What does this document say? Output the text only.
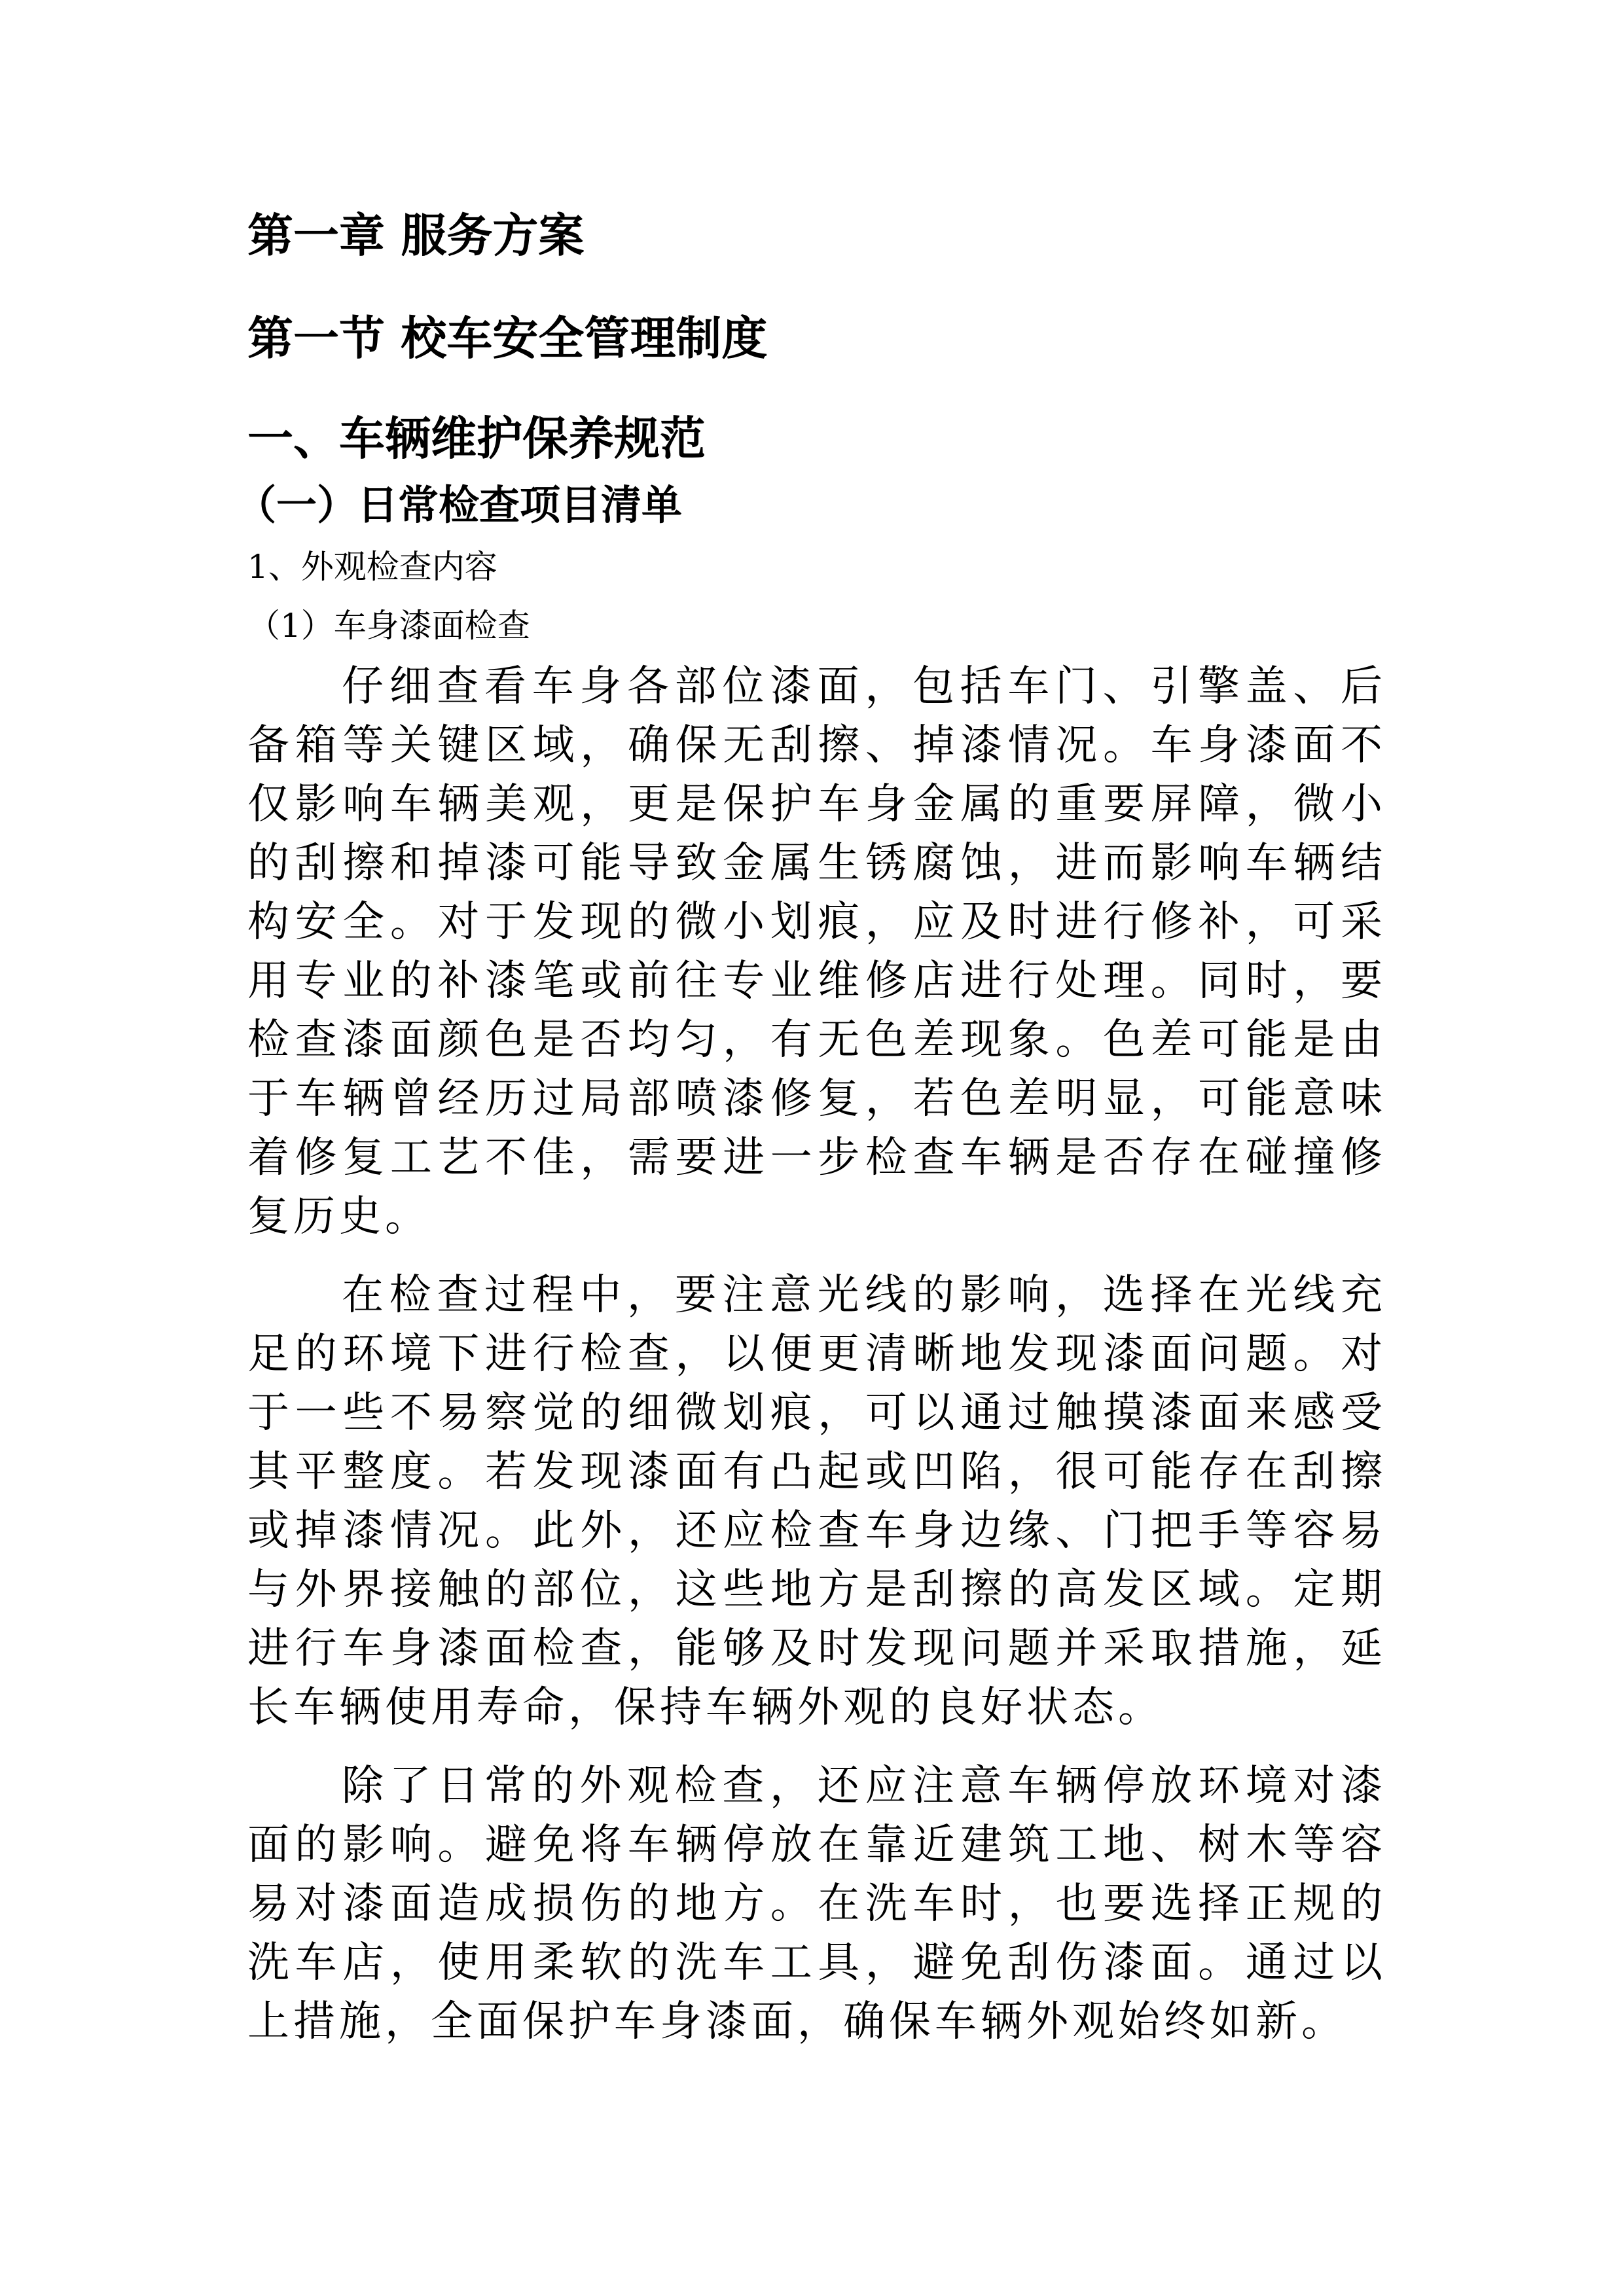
第一章 服务方案
第一节 校车安全管理制度
一、车辆维护保养规范
（一）日常检查项目清单
1、外观检查内容
（1）车身漆面检查

仔细查看车身各部位漆面，包括车门、引擎盖、后备箱等关键区域，确保无刮擦、掉漆情况。车身漆面不仅影响车辆美观，更是保护车身金属的重要屏障，微小的刮擦和掉漆可能导致金属生锈腐蚀，进而影响车辆结构安全。对于发现的微小划痕，应及时进行修补，可采用专业的补漆笔或前往专业维修店进行处理。同时，要检查漆面颜色是否均匀，有无色差现象。色差可能是由于车辆曾经历过局部喷漆修复，若色差明显，可能意味着修复工艺不佳，需要进一步检查车辆是否存在碰撞修复历史。

在检查过程中，要注意光线的影响，选择在光线充足的环境下进行检查，以便更清晰地发现漆面问题。对于一些不易察觉的细微划痕，可以通过触摸漆面来感受其平整度。若发现漆面有凸起或凹陷，很可能存在刮擦或掉漆情况。此外，还应检查车身边缘、门把手等容易与外界接触的部位，这些地方是刮擦的高发区域。定期进行车身漆面检查，能够及时发现问题并采取措施，延长车辆使用寿命，保持车辆外观的良好状态。

除了日常的外观检查，还应注意车辆停放环境对漆面的影响。避免将车辆停放在靠近建筑工地、树木等容易对漆面造成损伤的地方。在洗车时，也要选择正规的洗车店，使用柔软的洗车工具，避免刮伤漆面。通过以上措施，全面保护车身漆面，确保车辆外观始终如新。
